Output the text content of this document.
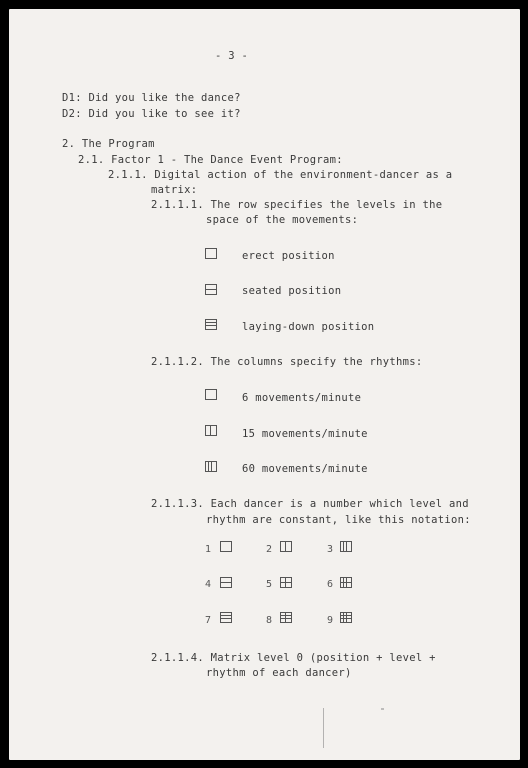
- 3 -
D1: Did you like the dance?
D2: Did you like to see it?
2. The Program
2.1. Factor 1 - The Dance Event Program:
2.1.1. Digital action of the environment-dancer as a
matrix:
2.1.1.1. The row specifies the levels in the
space of the movements:
erect position
seated position
laying-down position
2.1.1.2. The columns specify the rhythms:
6 movements/minute
15 movements/minute
60 movements/minute
2.1.1.3. Each dancer is a number which level and
rhythm are constant, like this notation:
1	2	3
4	5	6
7	8	9
2.1.1.4. Matrix level 0 (position + level +
rhythm of each dancer)
